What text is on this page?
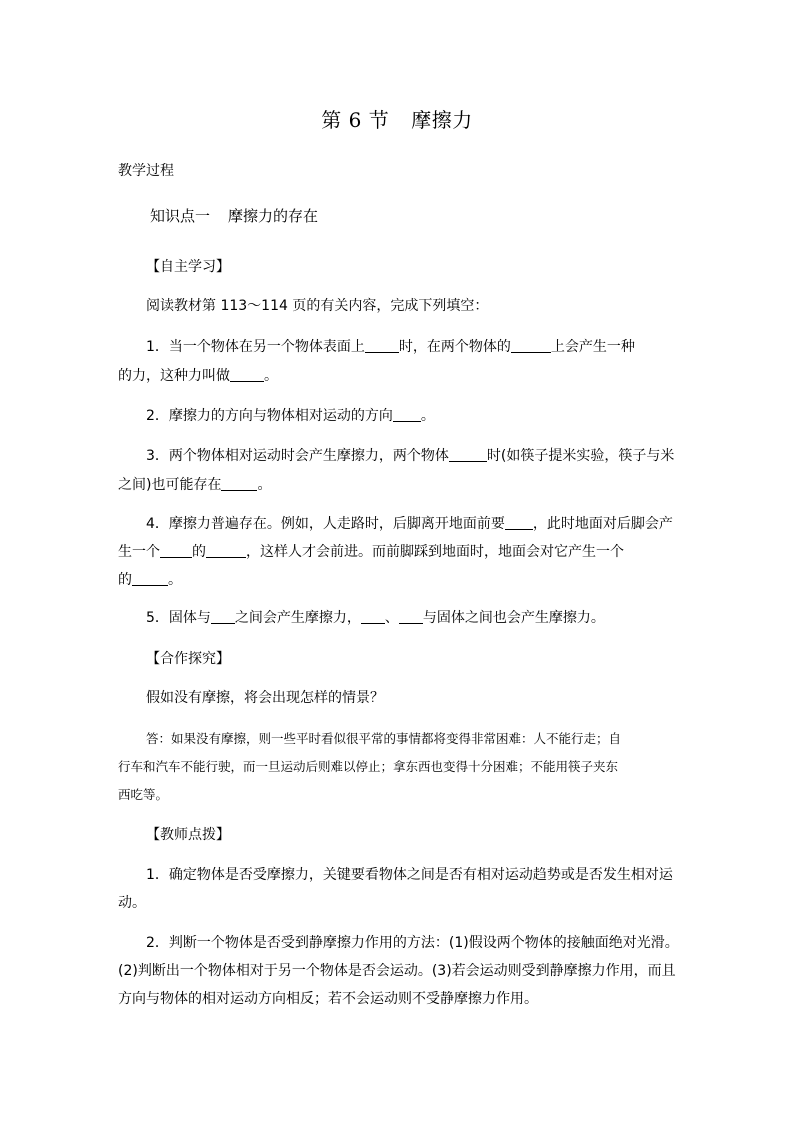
第 6 节 摩擦力
教学过程
知识点一 摩擦力的存在
【自主学习】
阅读教材第 113～114 页的有关内容，完成下列填空：
1．当一个物体在另一个物体表面上 时，在两个物体的	上会产生一种
的力，这种力叫做 。
2．摩擦力的方向与物体相对运动的方向 。
3．两个物体相对运动时会产生摩擦力，两个物体	时(如筷子提米实验，筷子与米
之间)也可能存在	。
4．摩擦力普遍存在。例如，人走路时，后脚离开地面前要 ，此时地面对后脚会产
生一个 的	，这样人才会前进。而前脚踩到地面时，地面会对它产生一个
的	。
5．固体与 之间会产生摩擦力， 、 与固体之间也会产生摩擦力。
【合作探究】
假如没有摩擦，将会出现怎样的情景？
答：如果没有摩擦，则一些平时看似很平常的事情都将变得非常困难：人不能行走；自
行车和汽车不能行驶，而一旦运动后则难以停止；拿东西也变得十分困难；不能用筷子夹东
西吃等。
【教师点拨】
1．确定物体是否受摩擦力，关键要看物体之间是否有相对运动趋势或是否发生相对运
动。
2．判断一个物体是否受到静摩擦力作用的方法：(1)假设两个物体的接触面绝对光滑。
(2)判断出一个物体相对于另一个物体是否会运动。(3)若会运动则受到静摩擦力作用，而且
方向与物体的相对运动方向相反；若不会运动则不受静摩擦力作用。
